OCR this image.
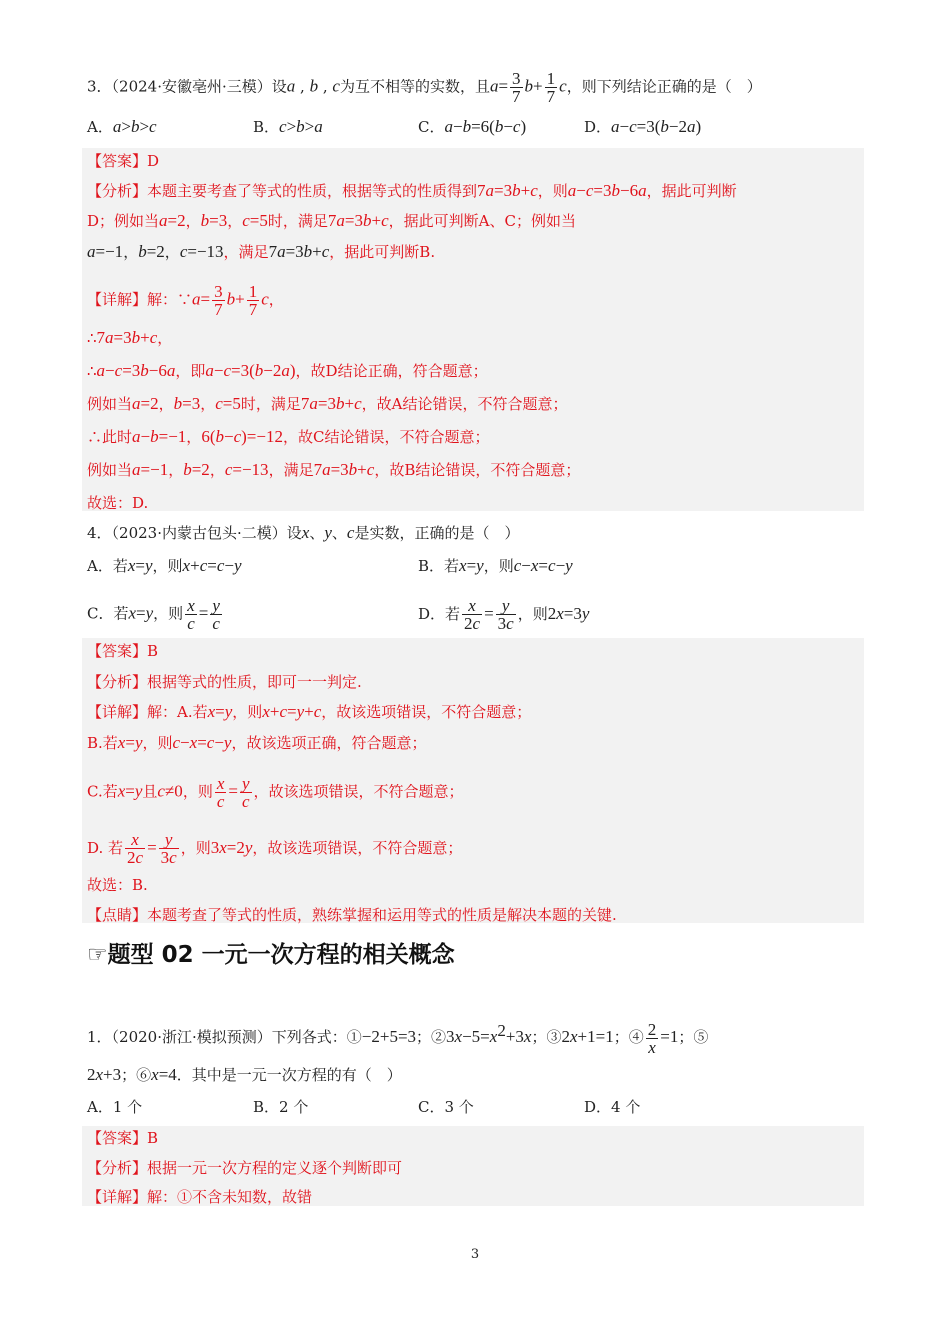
3．（2024·安徽亳州·三模）设a , b , c为互不相等的实数，且$a= \frac{3}{7} b+ \frac{1}{7}$ c，则下列结论正确的是（　）
A．a>b>c	B．c>b>a	C．a−b=6(b−c)	D．a−c=3(b−2a)
【答案】D
【分析】本题主要考查了等式的性质，根据等式的性质得到7a=3b+c，则a−c=3b−6a，据此可判断
D；例如当a=2，b=3，c=5时，满足7a=3b+c，据此可判断A、C；例如当
a=−1，b=2，c=−13，满足7a=3b+c，据此可判断B.
【详解】解：∵a= $\frac{3}{7} b+ \frac{1}{7}$ c，
∴7a=3b+c，
∴a−c=3b−6a，即a−c=3(b−2a)，故D结论正确，符合题意；
例如当a=2，b=3，c=5时，满足7a=3b+c，故A结论错误，不符合题意；
∴此时a−b=−1，6(b−c)=−12，故C结论错误，不符合题意；
例如当a=−1，b=2，c=−13，满足7a=3b+c，故B结论错误，不符合题意；
故选：D.
4．（2023·内蒙古包头·二模）设x、y、c是实数，正确的是（　）
A．若x=y，则x+c=c−y	B．若x=y，则c−x=c−y
C．若x=y，则 $\frac{x}{c} = \frac{y}{c}$	D．若 $\frac{x}{2c} = \frac{y}{3c}$ ，则2x=3y
【答案】B
【分析】根据等式的性质，即可一一判定.
【详解】解：A.若x=y，则x+c=y+c，故该选项错误，不符合题意；
B.若x=y，则c−x=c−y，故该选项正确，符合题意；
C.若x=y且c≠0，则 $\frac{x}{c} = \frac{y}{c}$ ，故该选项错误，不符合题意；
D. 若 $\frac{x}{2c} = \frac{y}{3c}$ ，则3x=2y，故该选项错误，不符合题意；
故选：B.
【点睛】本题考查了等式的性质，熟练掌握和运用等式的性质是解决本题的关键.
☞题型 02 一元一次方程的相关概念
1．（2020·浙江·模拟预测）下列各式：①−2+5=3；$②3x-5=x^2+3x$；③2x+1=1；④ $\frac{2}{x} =1$；⑤
2x+3；⑥x=4．其中是一元一次方程的有（　）
A．1 个	B．2 个	C．3 个	D．4 个
【答案】B
【分析】根据一元一次方程的定义逐个判断即可
【详解】解：①不含未知数，故错
3
